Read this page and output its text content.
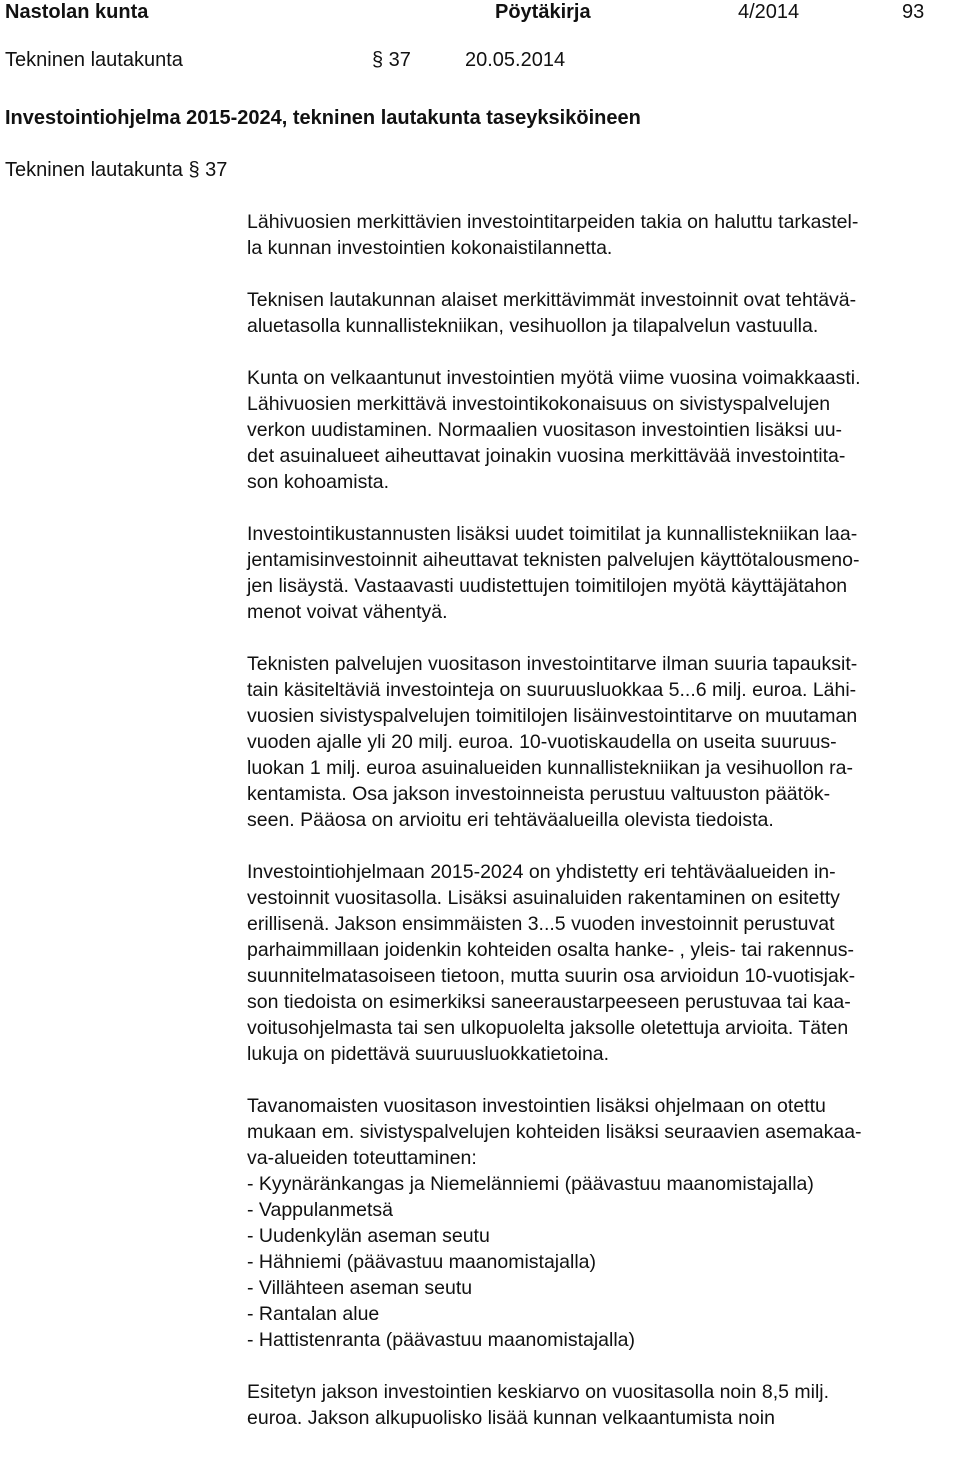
Nastolan kunta	Pöytäkirja	4/2014	93
Tekninen lautakunta	§ 37	20.05.2014
Investointiohjelma 2015-2024, tekninen lautakunta taseyksiköineen
Tekninen lautakunta § 37

Lähivuosien merkittävien investointitarpeiden takia on haluttu tarkastel-
la kunnan investointien kokonaistilannetta.

Teknisen lautakunnan alaiset merkittävimmät investoinnit ovat tehtävä-
aluetasolla kunnallistekniikan, vesihuollon ja tilapalvelun vastuulla.

Kunta on velkaantunut investointien myötä viime vuosina voimakkaasti.
Lähivuosien merkittävä investointikokonaisuus on sivistyspalvelujen
verkon uudistaminen. Normaalien vuositason investointien lisäksi uu-
det asuinalueet aiheuttavat joinakin vuosina merkittävää investointita-
son kohoamista.

Investointikustannusten lisäksi uudet toimitilat ja kunnallistekniikan laa-
jentamisinvestoinnit aiheuttavat teknisten palvelujen käyttötalousmeno-
jen lisäystä. Vastaavasti uudistettujen toimitilojen myötä käyttäjätahon
menot voivat vähentyä.

Teknisten palvelujen vuositason investointitarve ilman suuria tapauksit-
tain käsiteltäviä investointeja on suuruusluokkaa 5...6 milj. euroa. Lähi-
vuosien sivistyspalvelujen toimitilojen lisäinvestointitarve on muutaman
vuoden ajalle yli 20 milj. euroa. 10-vuotiskaudella on useita suuruus-
luokan 1 milj. euroa asuinalueiden kunnallistekniikan ja vesihuollon ra-
kentamista. Osa jakson investoinneista perustuu valtuuston päätök-
seen. Pääosa on arvioitu eri tehtäväalueilla olevista tiedoista.

Investointiohjelmaan 2015-2024 on yhdistetty eri tehtäväalueiden in-
vestoinnit vuositasolla. Lisäksi asuinaluiden rakentaminen on esitetty
erillisenä. Jakson ensimmäisten 3...5 vuoden investoinnit perustuvat
parhaimmillaan joidenkin kohteiden osalta hanke- , yleis- tai rakennus-
suunnitelmatasoiseen tietoon, mutta suurin osa arvioidun 10-vuotisjak-
son tiedoista on esimerkiksi saneeraustarpeeseen perustuvaa tai kaa-
voitusohjelmasta tai sen ulkopuolelta jaksolle oletettuja arvioita. Täten
lukuja on pidettävä suuruusluokkatietoina.

Tavanomaisten vuositason investointien lisäksi ohjelmaan on otettu
mukaan em. sivistyspalvelujen kohteiden lisäksi seuraavien asemakaa-
va-alueiden toteuttaminen:
- Kyynäränkangas ja Niemelänniemi (päävastuu maanomistajalla)
- Vappulanmetsä
- Uudenkylän aseman seutu
- Hähniemi (päävastuu maanomistajalla)
- Villähteen aseman seutu
- Rantalan alue
- Hattistenranta (päävastuu maanomistajalla)

Esitetyn jakson investointien keskiarvo on vuositasolla noin 8,5 milj.
euroa. Jakson alkupuolisko lisää kunnan velkaantumista noin
